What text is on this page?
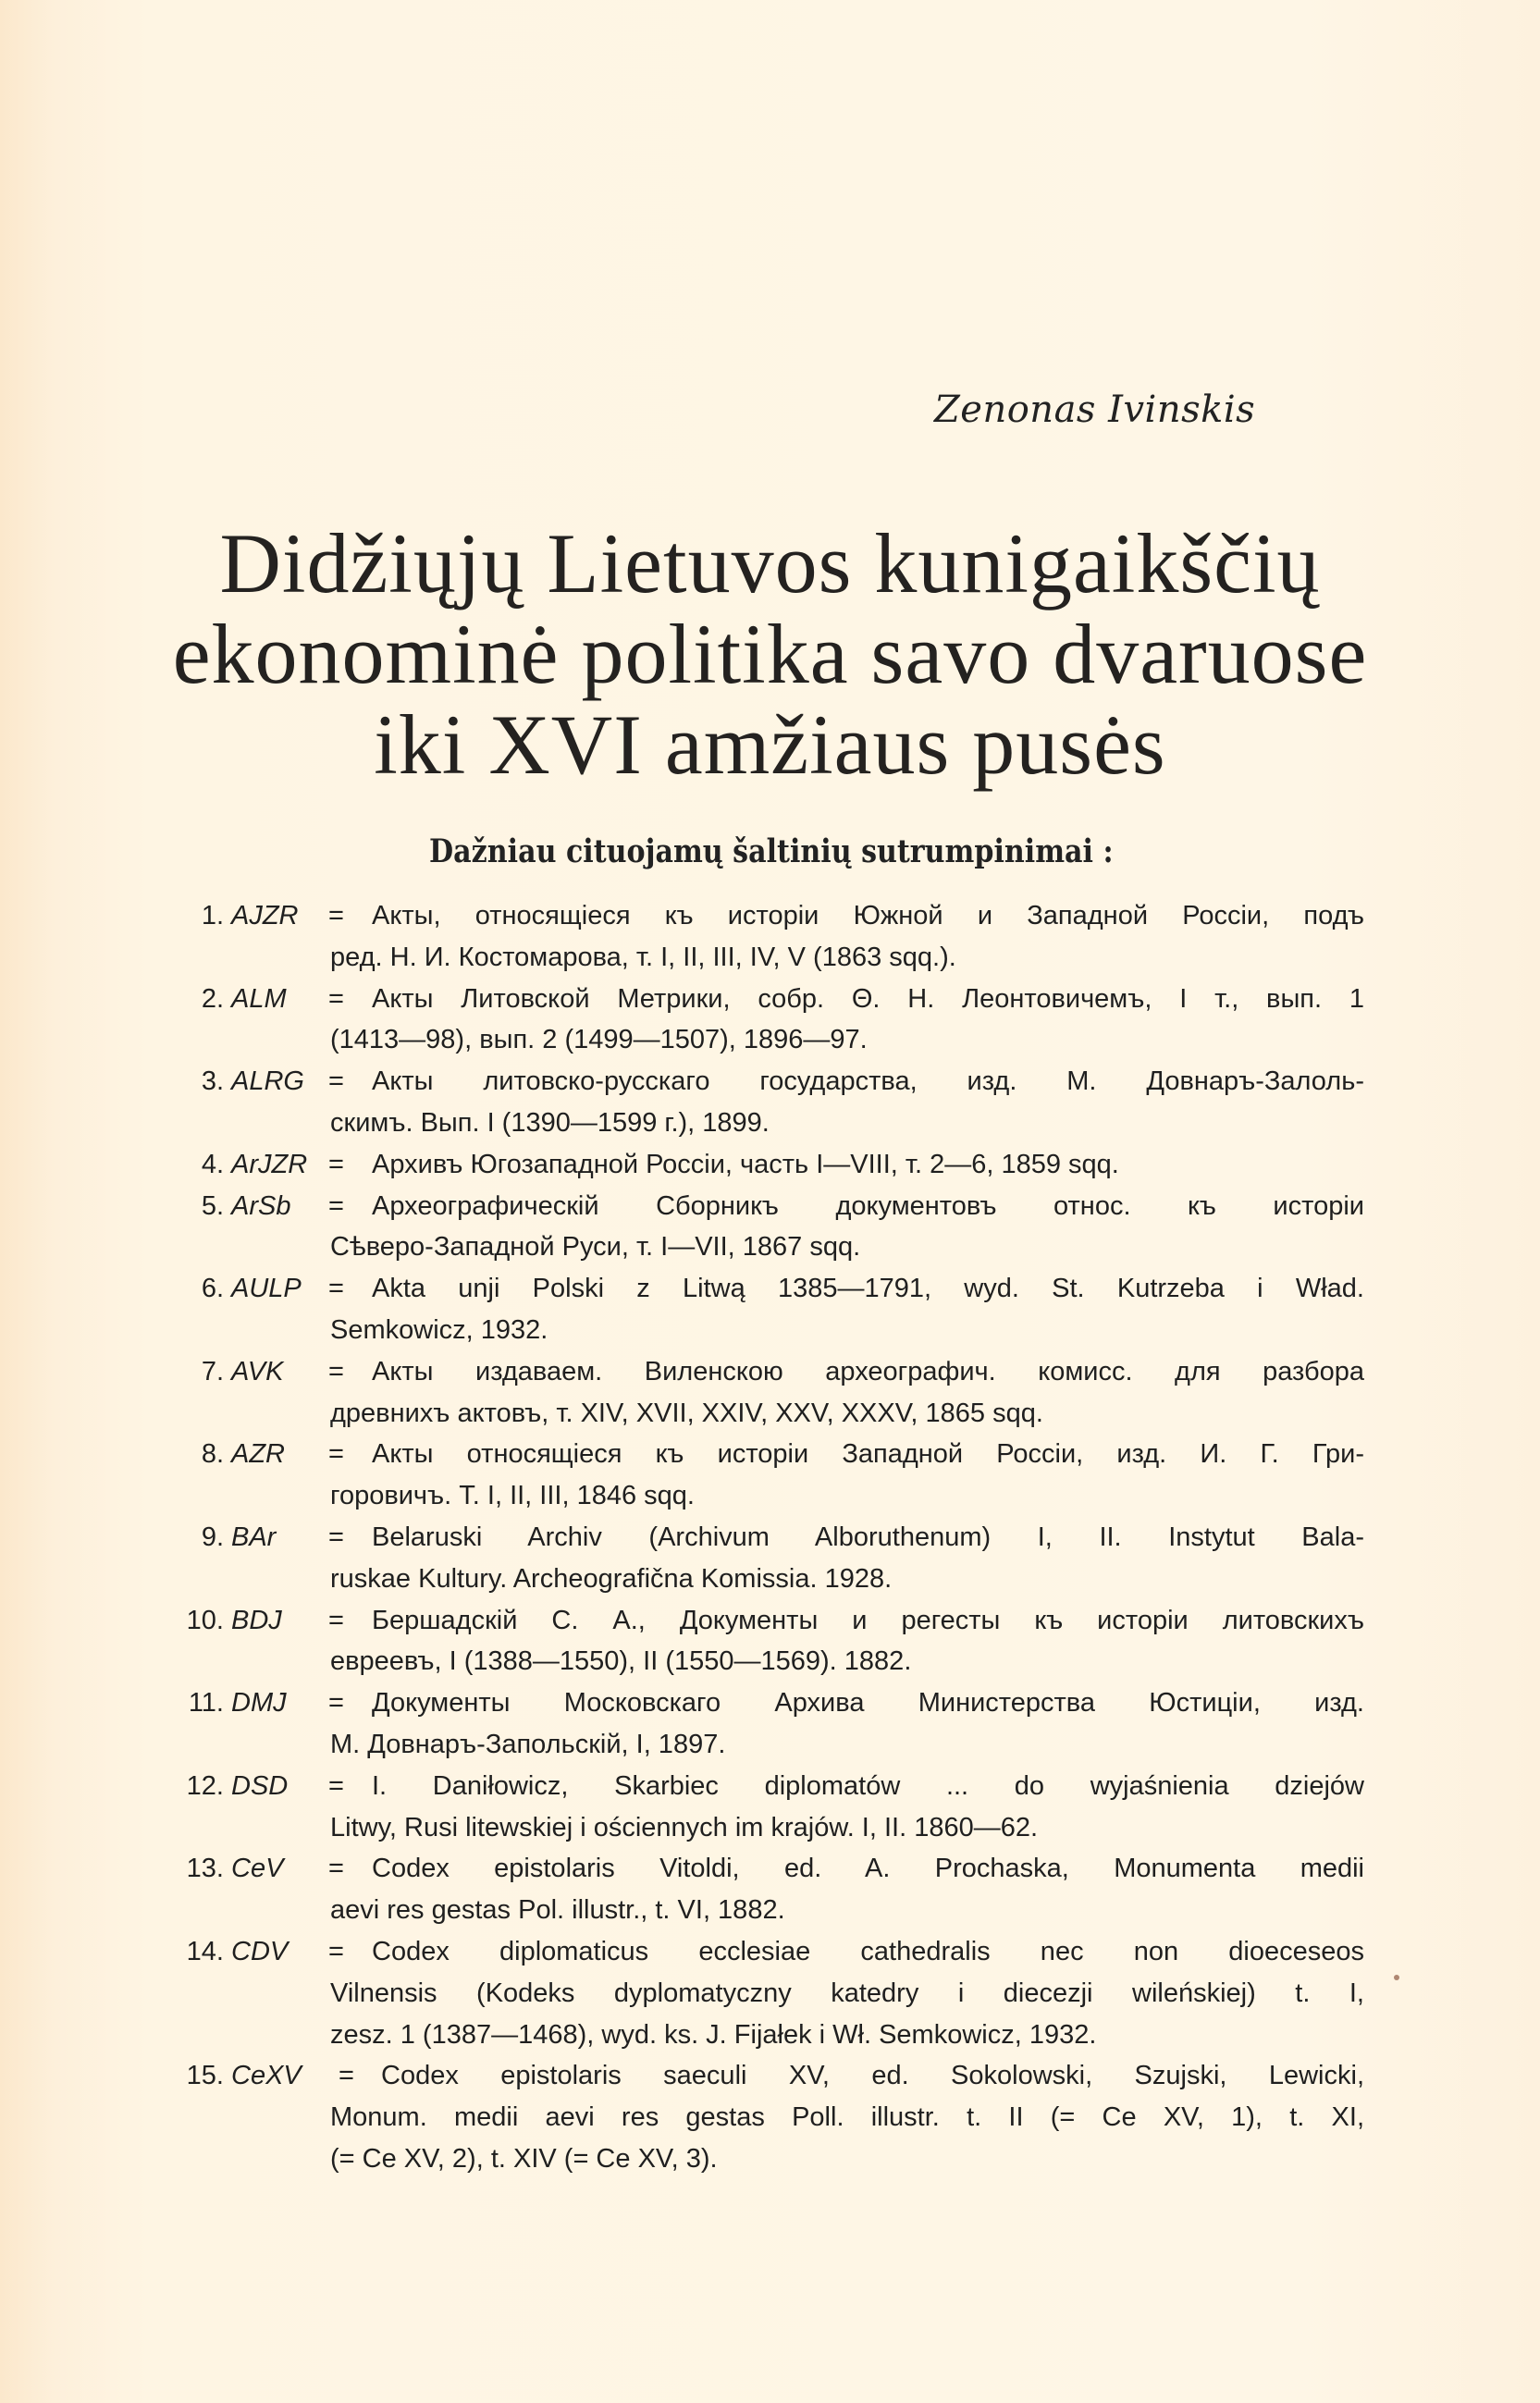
Zenonas Ivinskis
Didžiųjų Lietuvos kunigaikščių
ekonominė politika savo dvaruose
iki XVI amžiaus pusės
Dažniau cituojamų šaltinių sutrumpinimai :
1. AJZR = Акты, относящіеся къ исторіи Южной и Западной Россіи, подъ
ред. Н. И. Костомарова, т. I, II, III, IV, V (1863 sqq.).
2. ALM = Акты Литовской Метрики, собр. Θ. Н. Леонтовичемъ, I т., вып. 1
(1413—98), вып. 2 (1499—1507), 1896—97.
3. ALRG = Акты литовско-русскаго государства, изд. М. Довнаръ-Залоль-
скимъ. Вып. I (1390—1599 г.), 1899.
4. ArJZR = Архивъ Югозападной Россіи, часть I—VIII, т. 2—6, 1859 sqq.
5. ArSb = Археографическій Сборникъ документовъ относ. къ исторіи
Сѣверо-Западной Руси, т. I—VII, 1867 sqq.
6. AULP = Akta unji Polski z Litwą 1385—1791, wyd. St. Kutrzeba i Wład.
Semkowicz, 1932.
7. AVK = Акты издаваем. Виленскою археографич. комисс. для разбора
древнихъ актовъ, т. XIV, XVII, XXIV, XXV, XXXV, 1865 sqq.
8. AZR = Акты относящіеся къ исторіи Западной Россіи, изд. И. Г. Гри-
горовичъ. Т. I, II, III, 1846 sqq.
9. BAr = Belaruski Archiv (Archivum Alboruthenum) I, II. Instytut Bala-
ruskae Kultury. Archeografična Komissia. 1928.
10. BDJ = Бершадскій С. А., Документы и регесты къ исторіи литовскихъ
евреевъ, I (1388—1550), II (1550—1569). 1882.
11. DMJ = Документы Московскаго Архива Министерства Юстиціи, изд.
М. Довнаръ-Запольскій, I, 1897.
12. DSD = I. Daniłowicz, Skarbiec diplomatów ... do wyjaśnienia dziejów
Litwy, Rusi litewskiej i ościennych im krajów. I, II. 1860—62.
13. CeV = Codex epistolaris Vitoldi, ed. A. Prochaska, Monumenta medii
aevi res gestas Pol. illustr., t. VI, 1882.
14. CDV = Codex diplomaticus ecclesiae cathedralis nec non dioeceseos
Vilnensis (Kodeks dyplomatyczny katedry i diecezji wileńskiej) t. I,
zesz. 1 (1387—1468), wyd. ks. J. Fijałek i Wł. Semkowicz, 1932.
15. CeXV = Codex epistolaris saeculi XV, ed. Sokolowski, Szujski, Lewicki,
Monum. medii aevi res gestas Poll. illustr. t. II (= Ce XV, 1), t. XI,
(= Ce XV, 2), t. XIV (= Ce XV, 3).
